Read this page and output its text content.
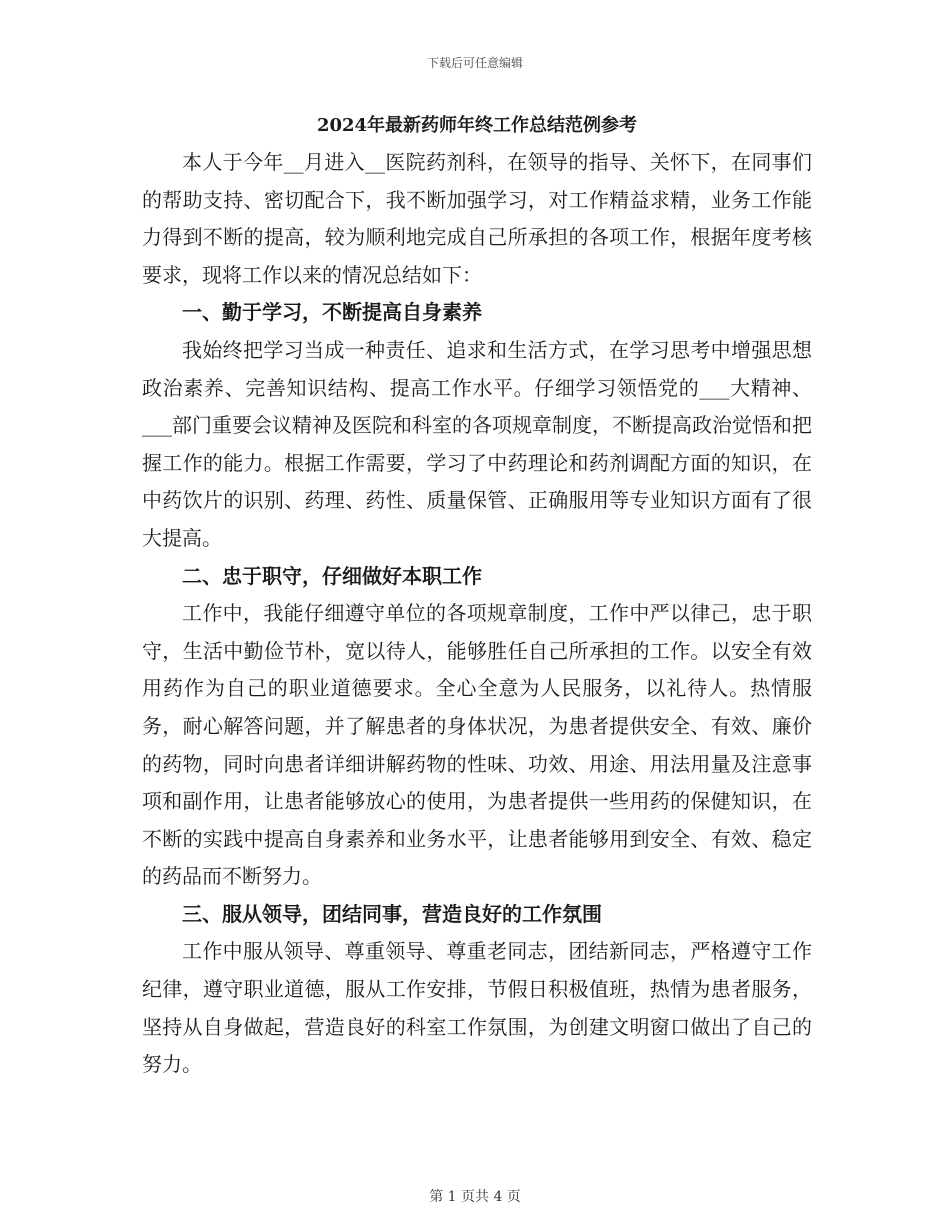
下载后可任意编辑
2024年最新药师年终工作总结范例参考

本人于今年__月进入__医院药剂科，在领导的指导、关怀下，在同事们的帮助支持、密切配合下，我不断加强学习，对工作精益求精，业务工作能力得到不断的提高，较为顺利地完成自己所承担的各项工作，根据年度考核要求，现将工作以来的情况总结如下：

一、勤于学习，不断提高自身素养

我始终把学习当成一种责任、追求和生活方式，在学习思考中增强思想政治素养、完善知识结构、提高工作水平。仔细学习领悟党的___大精神、___部门重要会议精神及医院和科室的各项规章制度，不断提高政治觉悟和把握工作的能力。根据工作需要，学习了中药理论和药剂调配方面的知识，在中药饮片的识别、药理、药性、质量保管、正确服用等专业知识方面有了很大提高。

二、忠于职守，仔细做好本职工作

工作中，我能仔细遵守单位的各项规章制度，工作中严以律己，忠于职守，生活中勤俭节朴，宽以待人，能够胜任自己所承担的工作。以安全有效用药作为自己的职业道德要求。全心全意为人民服务，以礼待人。热情服务，耐心解答问题，并了解患者的身体状况，为患者提供安全、有效、廉价的药物，同时向患者详细讲解药物的性味、功效、用途、用法用量及注意事项和副作用，让患者能够放心的使用，为患者提供一些用药的保健知识，在不断的实践中提高自身素养和业务水平，让患者能够用到安全、有效、稳定的药品而不断努力。

三、服从领导，团结同事，营造良好的工作氛围

工作中服从领导、尊重领导、尊重老同志，团结新同志，严格遵守工作纪律，遵守职业道德，服从工作安排，节假日积极值班，热情为患者服务，坚持从自身做起，营造良好的科室工作氛围，为创建文明窗口做出了自己的努力。

第 1 页共 4 页
